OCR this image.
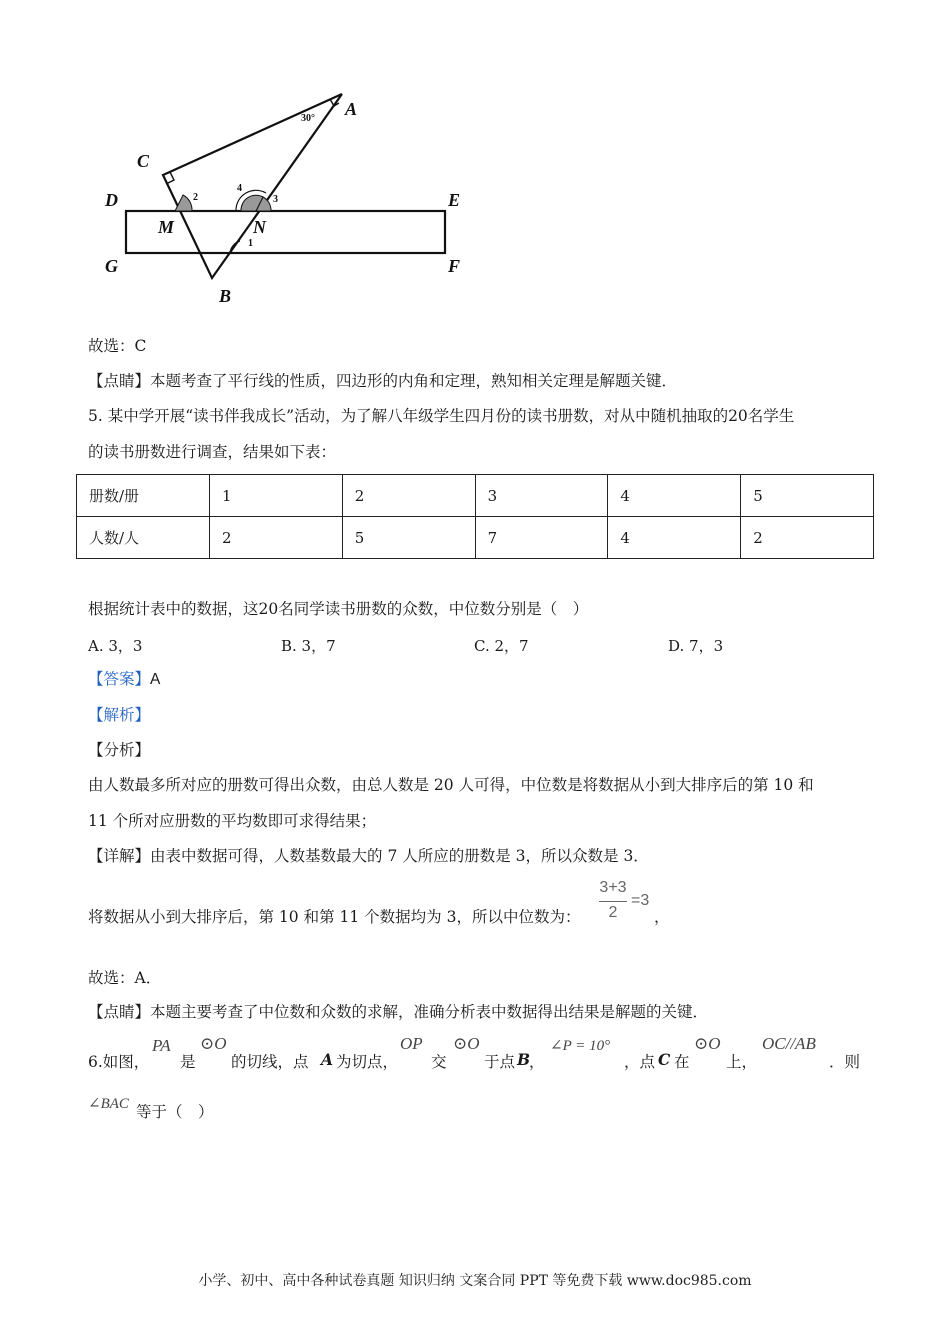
A
C
D	E
G	F
B
M	N
30°
2
4
3
1
故选：C
【点睛】本题考查了平行线的性质，四边形的内角和定理，熟知相关定理是解题关键．
5. 某中学开展“读书伴我成长”活动，为了解八年级学生四月份的读书册数，对从中随机抽取的20名学生
的读书册数进行调查，结果如下表：
册数/册	1	2	3	4	5
人数/人	2	5	7	4	2
根据统计表中的数据，这20名同学读书册数的众数，中位数分别是（　）
A. 3，3	B. 3，7	C. 2，7	D. 7，3
【答案】A
【解析】
【分析】
由人数最多所对应的册数可得出众数，由总人数是 20 人可得，中位数是将数据从小到大排序后的第 10 和
11 个所对应册数的平均数即可求得结果；
【详解】由表中数据可得，人数基数最大的 7 人所应的册数是 3，所以众数是 3．
将数据从小到大排序后，第 10 和第 11 个数据均为 3，所以中位数为：
3+3
2
=3
，
故选：A．
【点睛】本题主要考查了中位数和众数的求解，准确分析表中数据得出结果是解题的关键．
6.如图，
PA
是
⊙O
的切线，点 A 为切点，
OP
交
⊙O
于点 B
，
∠P = 10°
，点 C 在
⊙O
上，
OC//AB
．则
∠BAC 等于（　）
小学、初中、高中各种试卷真题 知识归纳 文案合同 PPT 等免费下载 www.doc985.com
